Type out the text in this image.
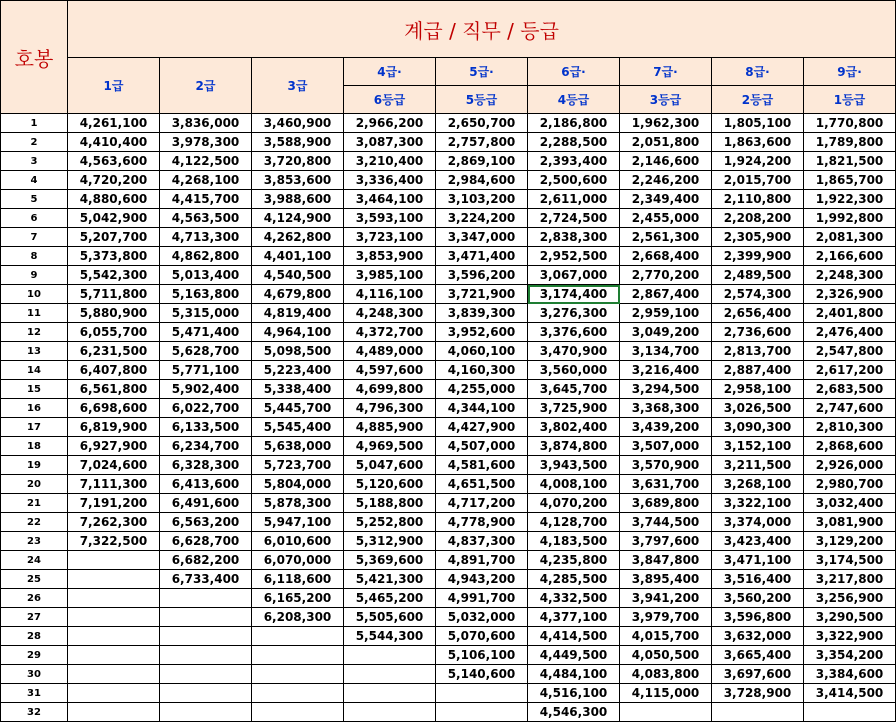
호봉	계급 / 직무 / 등급								
	1급	2급	3급	4급·	5급·	6급·	7급·	8급·	9급·
				6등급	5등급	4등급	3등급	2등급	1등급
1	4,261,100	3,836,000	3,460,900	2,966,200	2,650,700	2,186,800	1,962,300	1,805,100	1,770,800
2	4,410,400	3,978,300	3,588,900	3,087,300	2,757,800	2,288,500	2,051,800	1,863,600	1,789,800
3	4,563,600	4,122,500	3,720,800	3,210,400	2,869,100	2,393,400	2,146,600	1,924,200	1,821,500
4	4,720,200	4,268,100	3,853,600	3,336,400	2,984,600	2,500,600	2,246,200	2,015,700	1,865,700
5	4,880,600	4,415,700	3,988,600	3,464,100	3,103,200	2,611,000	2,349,400	2,110,800	1,922,300
6	5,042,900	4,563,500	4,124,900	3,593,100	3,224,200	2,724,500	2,455,000	2,208,200	1,992,800
7	5,207,700	4,713,300	4,262,800	3,723,100	3,347,000	2,838,300	2,561,300	2,305,900	2,081,300
8	5,373,800	4,862,800	4,401,100	3,853,900	3,471,400	2,952,500	2,668,400	2,399,900	2,166,600
9	5,542,300	5,013,400	4,540,500	3,985,100	3,596,200	3,067,000	2,770,200	2,489,500	2,248,300
10	5,711,800	5,163,800	4,679,800	4,116,100	3,721,900	3,174,400	2,867,400	2,574,300	2,326,900
11	5,880,900	5,315,000	4,819,400	4,248,300	3,839,300	3,276,300	2,959,100	2,656,400	2,401,800
12	6,055,700	5,471,400	4,964,100	4,372,700	3,952,600	3,376,600	3,049,200	2,736,600	2,476,400
13	6,231,500	5,628,700	5,098,500	4,489,000	4,060,100	3,470,900	3,134,700	2,813,700	2,547,800
14	6,407,800	5,771,100	5,223,400	4,597,600	4,160,300	3,560,000	3,216,400	2,887,400	2,617,200
15	6,561,800	5,902,400	5,338,400	4,699,800	4,255,000	3,645,700	3,294,500	2,958,100	2,683,500
16	6,698,600	6,022,700	5,445,700	4,796,300	4,344,100	3,725,900	3,368,300	3,026,500	2,747,600
17	6,819,900	6,133,500	5,545,400	4,885,900	4,427,900	3,802,400	3,439,200	3,090,300	2,810,300
18	6,927,900	6,234,700	5,638,000	4,969,500	4,507,000	3,874,800	3,507,000	3,152,100	2,868,600
19	7,024,600	6,328,300	5,723,700	5,047,600	4,581,600	3,943,500	3,570,900	3,211,500	2,926,000
20	7,111,300	6,413,600	5,804,000	5,120,600	4,651,500	4,008,100	3,631,700	3,268,100	2,980,700
21	7,191,200	6,491,600	5,878,300	5,188,800	4,717,200	4,070,200	3,689,800	3,322,100	3,032,400
22	7,262,300	6,563,200	5,947,100	5,252,800	4,778,900	4,128,700	3,744,500	3,374,000	3,081,900
23	7,322,500	6,628,700	6,010,600	5,312,900	4,837,300	4,183,500	3,797,600	3,423,400	3,129,200
24		6,682,200	6,070,000	5,369,600	4,891,700	4,235,800	3,847,800	3,471,100	3,174,500
25		6,733,400	6,118,600	5,421,300	4,943,200	4,285,500	3,895,400	3,516,400	3,217,800
26			6,165,200	5,465,200	4,991,700	4,332,500	3,941,200	3,560,200	3,256,900
27			6,208,300	5,505,600	5,032,000	4,377,100	3,979,700	3,596,800	3,290,500
28				5,544,300	5,070,600	4,414,500	4,015,700	3,632,000	3,322,900
29					5,106,100	4,449,500	4,050,500	3,665,400	3,354,200
30					5,140,600	4,484,100	4,083,800	3,697,600	3,384,600
31						4,516,100	4,115,000	3,728,900	3,414,500
32						4,546,300			
